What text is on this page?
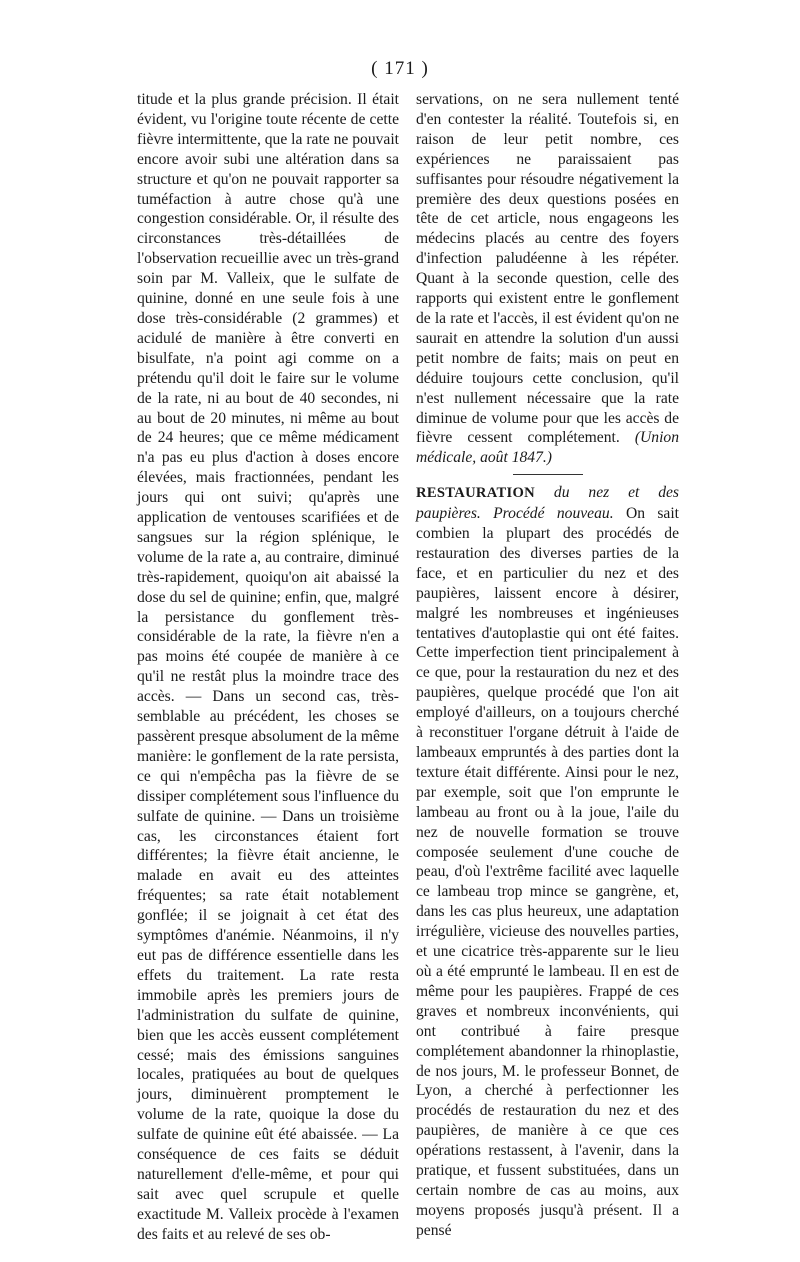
( 171 )

titude et la plus grande précision. Il était évident, vu l'origine toute récente de cette fièvre intermittente, que la rate ne pouvait encore avoir subi une altération dans sa structure et qu'on ne pouvait rapporter sa tuméfaction à autre chose qu'à une congestion considérable. Or, il résulte des circonstances très-détaillées de l'observation recueillie avec un très-grand soin par M. Valleix, que le sulfate de quinine, donné en une seule fois à une dose très-considérable (2 grammes) et acidulé de manière à être converti en bisulfate, n'a point agi comme on a prétendu qu'il doit le faire sur le volume de la rate, ni au bout de 40 secondes, ni au bout de 20 minutes, ni même au bout de 24 heures; que ce même médicament n'a pas eu plus d'action à doses encore élevées, mais fractionnées, pendant les jours qui ont suivi; qu'après une application de ventouses scarifiées et de sangsues sur la région splénique, le volume de la rate a, au contraire, diminué très-rapidement, quoiqu'on ait abaissé la dose du sel de quinine; enfin, que, malgré la persistance du gonflement très-considérable de la rate, la fièvre n'en a pas moins été coupée de manière à ce qu'il ne restât plus la moindre trace des accès. — Dans un second cas, très-semblable au précédent, les choses se passèrent presque absolument de la même manière: le gonflement de la rate persista, ce qui n'empêcha pas la fièvre de se dissiper complétement sous l'influence du sulfate de quinine. — Dans un troisième cas, les circonstances étaient fort différentes; la fièvre était ancienne, le malade en avait eu des atteintes fréquentes; sa rate était notablement gonflée; il se joignait à cet état des symptômes d'anémie. Néanmoins, il n'y eut pas de différence essentielle dans les effets du traitement. La rate resta immobile après les premiers jours de l'administration du sulfate de quinine, bien que les accès eussent complétement cessé; mais des émissions sanguines locales, pratiquées au bout de quelques jours, diminuèrent promptement le volume de la rate, quoique la dose du sulfate de quinine eût été abaissée. — La conséquence de ces faits se déduit naturellement d'elle-même, et pour qui sait avec quel scrupule et quelle exactitude M. Valleix procède à l'examen des faits et au relevé de ses ob-

servations, on ne sera nullement tenté d'en contester la réalité. Toutefois si, en raison de leur petit nombre, ces expériences ne paraissaient pas suffisantes pour résoudre négativement la première des deux questions posées en tête de cet article, nous engageons les médecins placés au centre des foyers d'infection paludéenne à les répéter. Quant à la seconde question, celle des rapports qui existent entre le gonflement de la rate et l'accès, il est évident qu'on ne saurait en attendre la solution d'un aussi petit nombre de faits; mais on peut en déduire toujours cette conclusion, qu'il n'est nullement nécessaire que la rate diminue de volume pour que les accès de fièvre cessent complétement. (Union médicale, août 1847.)

RESTAURATION du nez et des paupières. Procédé nouveau. On sait combien la plupart des procédés de restauration des diverses parties de la face, et en particulier du nez et des paupières, laissent encore à désirer, malgré les nombreuses et ingénieuses tentatives d'autoplastie qui ont été faites. Cette imperfection tient principalement à ce que, pour la restauration du nez et des paupières, quelque procédé que l'on ait employé d'ailleurs, on a toujours cherché à reconstituer l'organe détruit à l'aide de lambeaux empruntés à des parties dont la texture était différente. Ainsi pour le nez, par exemple, soit que l'on emprunte le lambeau au front ou à la joue, l'aile du nez de nouvelle formation se trouve composée seulement d'une couche de peau, d'où l'extrême facilité avec laquelle ce lambeau trop mince se gangrène, et, dans les cas plus heureux, une adaptation irrégulière, vicieuse des nouvelles parties, et une cicatrice très-apparente sur le lieu où a été emprunté le lambeau. Il en est de même pour les paupières. Frappé de ces graves et nombreux inconvénients, qui ont contribué à faire presque complétement abandonner la rhinoplastie, de nos jours, M. le professeur Bonnet, de Lyon, a cherché à perfectionner les procédés de restauration du nez et des paupières, de manière à ce que ces opérations restassent, à l'avenir, dans la pratique, et fussent substituées, dans un certain nombre de cas au moins, aux moyens proposés jusqu'à présent. Il a pensé
